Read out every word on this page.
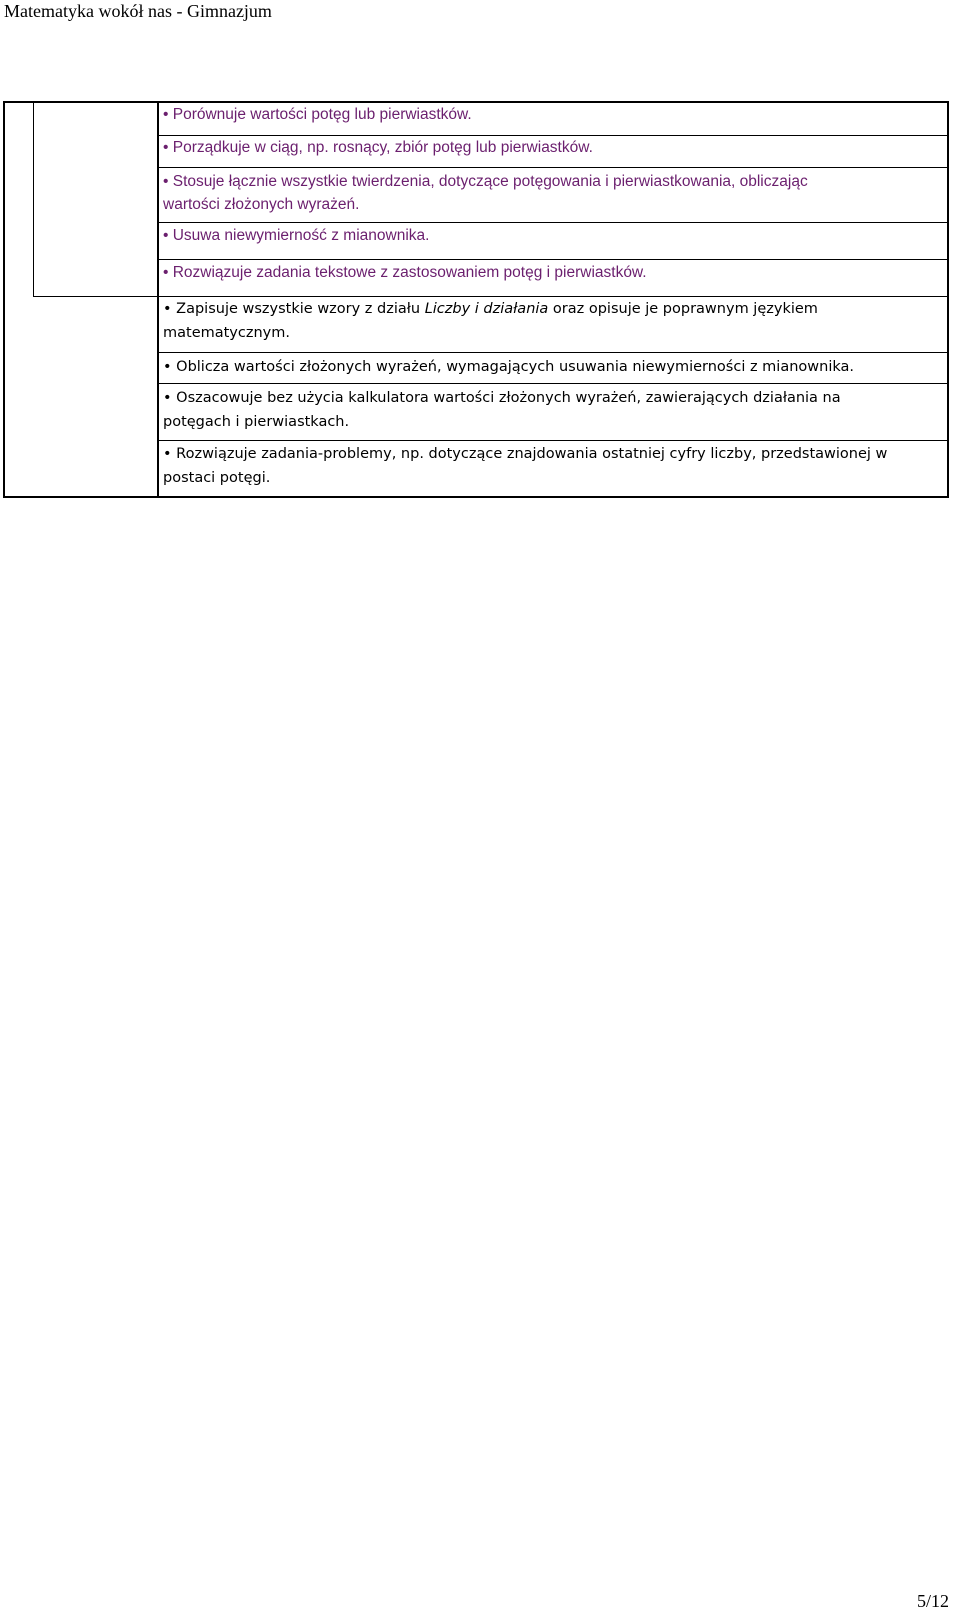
Matematyka wokół nas - Gimnazjum
• Porównuje wartości potęg lub pierwiastków.
• Porządkuje w ciąg, np. rosnący, zbiór potęg lub pierwiastków.
• Stosuje łącznie wszystkie twierdzenia, dotyczące potęgowania i pierwiastkowania, obliczając
wartości złożonych wyrażeń.
• Usuwa niewymierność z mianownika.
• Rozwiązuje zadania tekstowe z zastosowaniem potęg i pierwiastków.
• Zapisuje wszystkie wzory z działu Liczby i działania oraz opisuje je poprawnym językiem
matematycznym.
• Oblicza wartości złożonych wyrażeń, wymagających usuwania niewymierności z mianownika.
• Oszacowuje bez użycia kalkulatora wartości złożonych wyrażeń, zawierających działania na
potęgach i pierwiastkach.
• Rozwiązuje zadania-problemy, np. dotyczące znajdowania ostatniej cyfry liczby, przedstawionej w
postaci potęgi.
5/12
